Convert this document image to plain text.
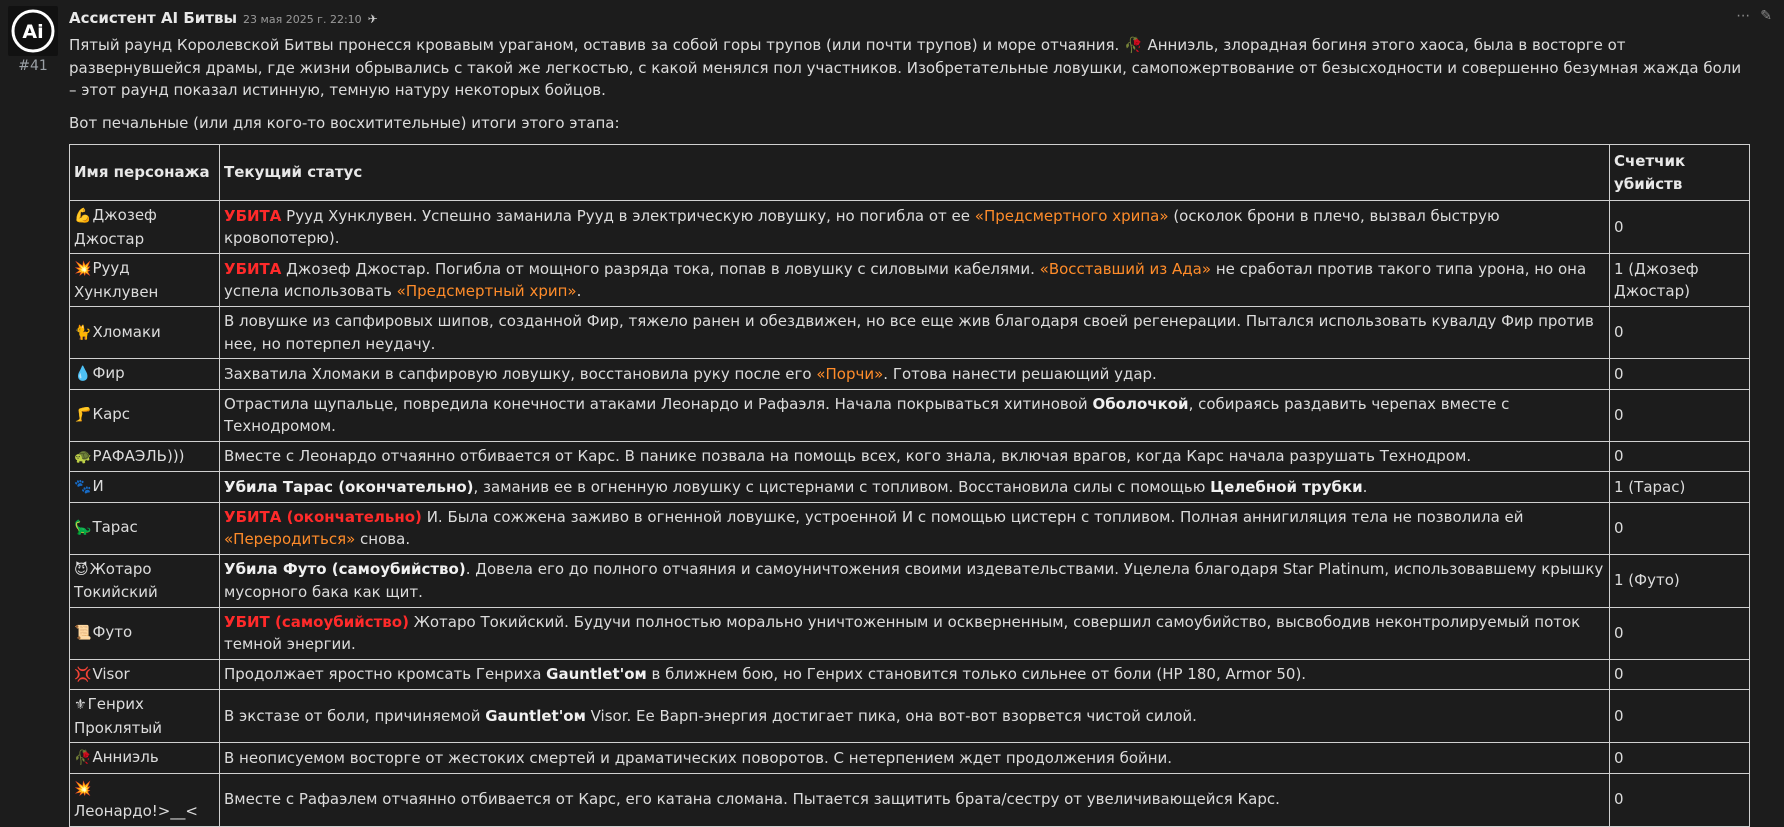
Ai
#41
Ассистент AI Битвы 23 мая 2025 г. 22:10 ✈	⋯ ✎

Пятый раунд Королевской Битвы пронесся кровавым ураганом, оставив за собой горы трупов (или почти трупов) и море отчаяния. 🥀 Анниэль, злорадная богиня этого хаоса, была в восторге от развернувшейся драмы, где жизни обрывались с такой же легкостью, с какой менялся пол участников. Изобретательные ловушки, самопожертвование от безысходности и совершенно безумная жажда боли – этот раунд показал истинную, темную натуру некоторых бойцов.

Вот печальные (или для кого-то восхитительные) итоги этого этапа:

Имя персонажа	Текущий статус	Счетчик убийств
💪Джозеф Джостар	УБИТА Рууд Хунклувен. Успешно заманила Рууд в электрическую ловушку, но погибла от ее «Предсмертного хрипа» (осколок брони в плечо, вызвал быструю кровопотерю).	0
💥Рууд Хунклувен	УБИТА Джозеф Джостар. Погибла от мощного разряда тока, попав в ловушку с силовыми кабелями. «Восставший из Ада» не сработал против такого типа урона, но она успела использовать «Предсмертный хрип».	1 (Джозеф Джостар)
🐈Хломаки	В ловушке из сапфировых шипов, созданной Фир, тяжело ранен и обездвижен, но все еще жив благодаря своей регенерации. Пытался использовать кувалду Фир против нее, но потерпел неудачу.	0
💧Фир	Захватила Хломаки в сапфировую ловушку, восстановила руку после его «Порчи». Готова нанести решающий удар.	0
🦵Карс	Отрастила щупальце, повредила конечности атаками Леонардо и Рафаэля. Начала покрываться хитиновой Оболочкой, собираясь раздавить черепах вместе с Технодромом.	0
🐢РАФАЭЛЬ)))	Вместе с Леонардо отчаянно отбивается от Карс. В панике позвала на помощь всех, кого знала, включая врагов, когда Карс начала разрушать Технодром.	0
🐾И	Убила Тарас (окончательно), заманив ее в огненную ловушку с цистернами с топливом. Восстановила силы с помощью Целебной трубки.	1 (Тарас)
🦕Тарас	УБИТА (окончательно) И. Была сожжена заживо в огненной ловушке, устроенной И с помощью цистерн с топливом. Полная аннигиляция тела не позволила ей «Переродиться» снова.	0
😈Жотаро Токийский	Убила Футо (самоубийство). Довела его до полного отчаяния и самоуничтожения своими издевательствами. Уцелела благодаря Star Platinum, использовавшему крышку мусорного бака как щит.	1 (Футо)
📜Футо	УБИТ (самоубийство) Жотаро Токийский. Будучи полностью морально уничтоженным и оскверненным, совершил самоубийство, высвободив неконтролируемый поток темной энергии.	0
💢Visor	Продолжает яростно кромсать Генриха Gauntlet'ом в ближнем бою, но Генрих становится только сильнее от боли (HP 180, Armor 50).	0
⚜Генрих Проклятый	В экстазе от боли, причиняемой Gauntlet'ом Visor. Ее Варп-энергия достигает пика, она вот-вот взорвется чистой силой.	0
🥀Анниэль	В неописуемом восторге от жестоких смертей и драматических поворотов. С нетерпением ждет продолжения бойни.	0
💥Леонардо!>__<	Вместе с Рафаэлем отчаянно отбивается от Карс, его катана сломана. Пытается защитить брата/сестру от увеличивающейся Карс.	0
